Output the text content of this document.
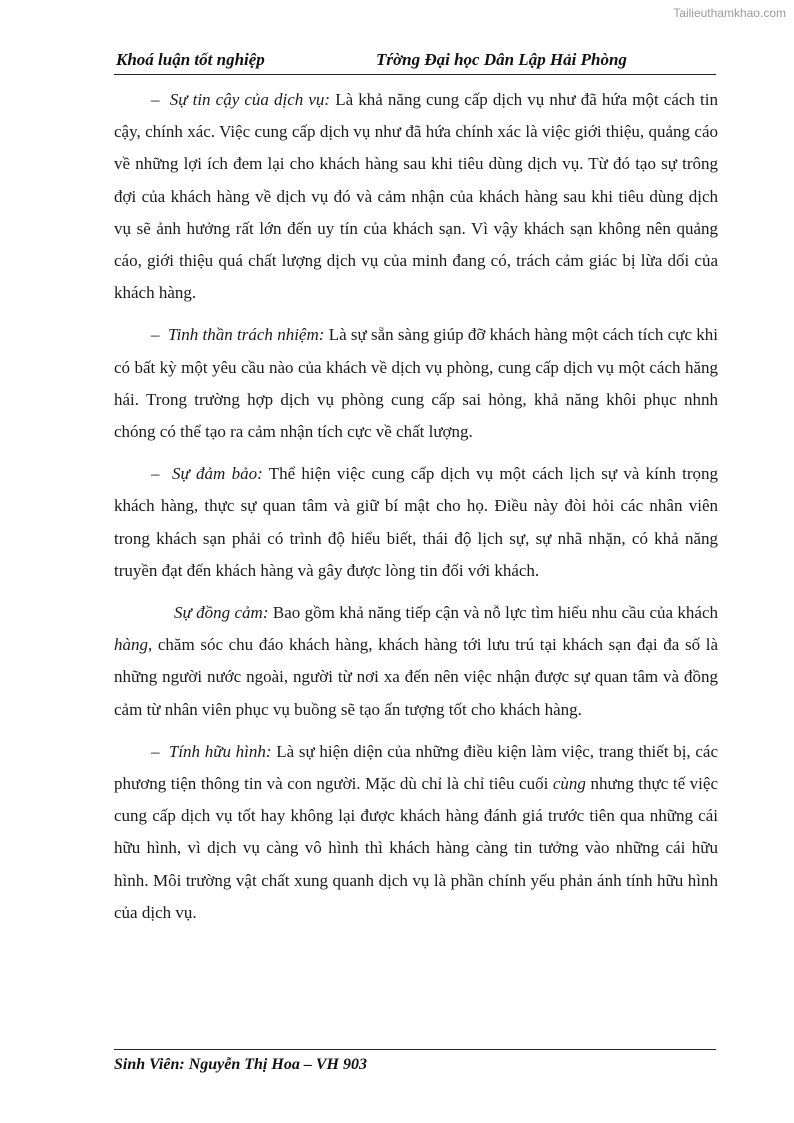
Tailieuthamkhao.com
Khoá luận tốt nghiệp	Tŕờng Đại học Dân Lập Hải Phòng

– Sự tin cậy của dịch vụ: Là khả năng cung cấp dịch vụ như đã hứa một cách tin cậy, chính xác. Việc cung cấp dịch vụ như đã hứa chính xác là việc giới thiệu, quảng cáo về những lợi ích đem lại cho khách hàng sau khi tiêu dùng dịch vụ. Từ đó tạo sự trông đợi của khách hàng về dịch vụ đó và cảm nhận của khách hàng sau khi tiêu dùng dịch vụ sẽ ảnh hưởng rất lớn đến uy tín của khách sạn. Vì vậy khách sạn không nên quảng cáo, giới thiệu quá chất lượng dịch vụ của minh đang có, trách cảm giác bị lừa dối của khách hàng.

– Tinh thần trách nhiệm: Là sự sẵn sàng giúp đỡ khách hàng một cách tích cực khi có bất kỳ một yêu cầu nào của khách về dịch vụ phòng, cung cấp dịch vụ một cách hăng hái. Trong trường hợp dịch vụ phòng cung cấp sai hỏng, khả năng khôi phục nhnh chóng có thể tạo ra cảm nhận tích cực về chất lượng.

– Sự đảm bảo: Thể hiện việc cung cấp dịch vụ một cách lịch sự và kính trọng khách hàng, thực sự quan tâm và giữ bí mật cho họ. Điều này đòi hỏi các nhân viên trong khách sạn phải có trình độ hiểu biết, thái độ lịch sự, sự nhã nhặn, có khả năng truyền đạt đến khách hàng và gây được lòng tin đối với khách.

Sự đồng cảm: Bao gồm khả năng tiếp cận và nỗ lực tìm hiểu nhu cầu của khách hàng, chăm sóc chu đáo khách hàng, khách hàng tới lưu trú tại khách sạn đại đa số là những người nước ngoài, người từ nơi xa đến nên việc nhận được sự quan tâm và đồng cảm từ nhân viên phục vụ buồng sẽ tạo ấn tượng tốt cho khách hàng.

– Tính hữu hình: Là sự hiện diện của những điều kiện làm việc, trang thiết bị, các phương tiện thông tin và con người. Mặc dù chỉ là chỉ tiêu cuối cùng nhưng thực tế việc cung cấp dịch vụ tốt hay không lại được khách hàng đánh giá trước tiên qua những cái hữu hình, vì dịch vụ càng vô hình thì khách hàng càng tin tưởng vào những cái hữu hình. Môi trường vật chất xung quanh dịch vụ là phần chính yếu phản ánh tính hữu hình của dịch vụ.

Sinh Viên: Nguyễn Thị Hoa – VH 903
